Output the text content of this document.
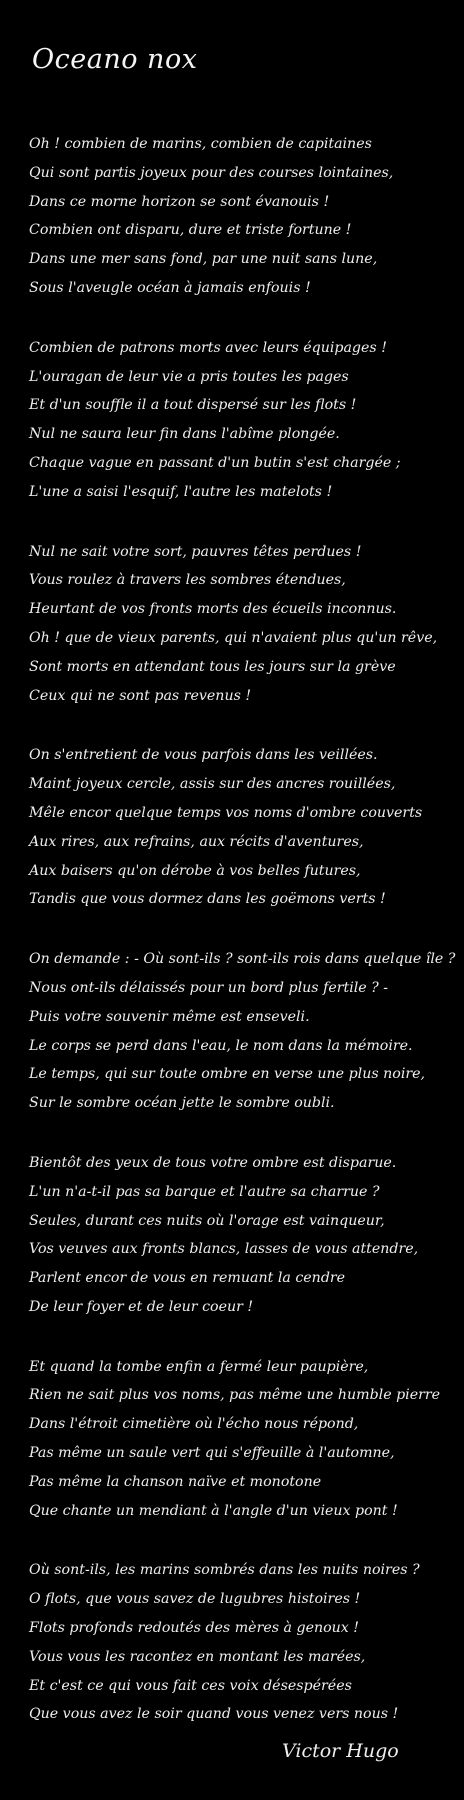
Oceano nox
Oh ! combien de marins, combien de capitaines
Qui sont partis joyeux pour des courses lointaines,
Dans ce morne horizon se sont évanouis !
Combien ont disparu, dure et triste fortune !
Dans une mer sans fond, par une nuit sans lune,
Sous l'aveugle océan à jamais enfouis !
Combien de patrons morts avec leurs équipages !
L'ouragan de leur vie a pris toutes les pages
Et d'un souffle il a tout dispersé sur les flots !
Nul ne saura leur fin dans l'abîme plongée.
Chaque vague en passant d'un butin s'est chargée ;
L'une a saisi l'esquif, l'autre les matelots !
Nul ne sait votre sort, pauvres têtes perdues !
Vous roulez à travers les sombres étendues,
Heurtant de vos fronts morts des écueils inconnus.
Oh ! que de vieux parents, qui n'avaient plus qu'un rêve,
Sont morts en attendant tous les jours sur la grève
Ceux qui ne sont pas revenus !
On s'entretient de vous parfois dans les veillées.
Maint joyeux cercle, assis sur des ancres rouillées,
Mêle encor quelque temps vos noms d'ombre couverts
Aux rires, aux refrains, aux récits d'aventures,
Aux baisers qu'on dérobe à vos belles futures,
Tandis que vous dormez dans les goëmons verts !
On demande : - Où sont-ils ? sont-ils rois dans quelque île ?
Nous ont-ils délaissés pour un bord plus fertile ? -
Puis votre souvenir même est enseveli.
Le corps se perd dans l'eau, le nom dans la mémoire.
Le temps, qui sur toute ombre en verse une plus noire,
Sur le sombre océan jette le sombre oubli.
Bientôt des yeux de tous votre ombre est disparue.
L'un n'a-t-il pas sa barque et l'autre sa charrue ?
Seules, durant ces nuits où l'orage est vainqueur,
Vos veuves aux fronts blancs, lasses de vous attendre,
Parlent encor de vous en remuant la cendre
De leur foyer et de leur coeur !
Et quand la tombe enfin a fermé leur paupière,
Rien ne sait plus vos noms, pas même une humble pierre
Dans l'étroit cimetière où l'écho nous répond,
Pas même un saule vert qui s'effeuille à l'automne,
Pas même la chanson naïve et monotone
Que chante un mendiant à l'angle d'un vieux pont !
Où sont-ils, les marins sombrés dans les nuits noires ?
O flots, que vous savez de lugubres histoires !
Flots profonds redoutés des mères à genoux !
Vous vous les racontez en montant les marées,
Et c'est ce qui vous fait ces voix désespérées
Que vous avez le soir quand vous venez vers nous !
Victor Hugo
